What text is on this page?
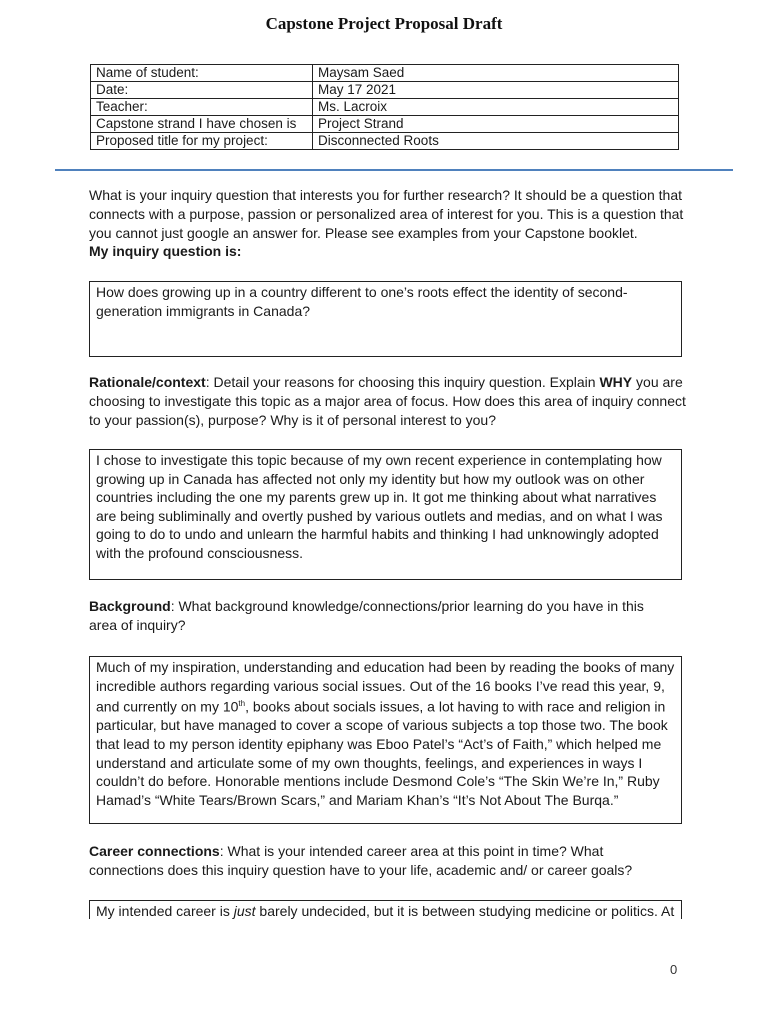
Capstone Project Proposal Draft
Name of student:	Maysam Saed
Date:	May 17 2021
Teacher:	Ms. Lacroix
Capstone strand I have chosen is	Project Strand
Proposed title for my project:	Disconnected Roots
What is your inquiry question that interests you for further research? It should be a question that
connects with a purpose, passion or personalized area of interest for you. This is a question that
you cannot just google an answer for. Please see examples from your Capstone booklet.
My inquiry question is:
How does growing up in a country different to one’s roots effect the identity of second-
generation immigrants in Canada?
Rationale/context: Detail your reasons for choosing this inquiry question. Explain WHY you are
choosing to investigate this topic as a major area of focus. How does this area of inquiry connect
to your passion(s), purpose? Why is it of personal interest to you?
I chose to investigate this topic because of my own recent experience in contemplating how
growing up in Canada has affected not only my identity but how my outlook was on other
countries including the one my parents grew up in. It got me thinking about what narratives
are being subliminally and overtly pushed by various outlets and medias, and on what I was
going to do to undo and unlearn the harmful habits and thinking I had unknowingly adopted
with the profound consciousness.
Background: What background knowledge/connections/prior learning do you have in this
area of inquiry?
Much of my inspiration, understanding and education had been by reading the books of many
incredible authors regarding various social issues. Out of the 16 books I’ve read this year, 9,
and currently on my 10th, books about socials issues, a lot having to with race and religion in
particular, but have managed to cover a scope of various subjects a top those two. The book
that lead to my person identity epiphany was Eboo Patel’s “Act’s of Faith,” which helped me
understand and articulate some of my own thoughts, feelings, and experiences in ways I
couldn’t do before. Honorable mentions include Desmond Cole’s “The Skin We’re In,” Ruby
Hamad’s “White Tears/Brown Scars,” and Mariam Khan’s “It’s Not About The Burqa.”
Career connections: What is your intended career area at this point in time? What
connections does this inquiry question have to your life, academic and/ or career goals?
My intended career is just barely undecided, but it is between studying medicine or politics. At
0
